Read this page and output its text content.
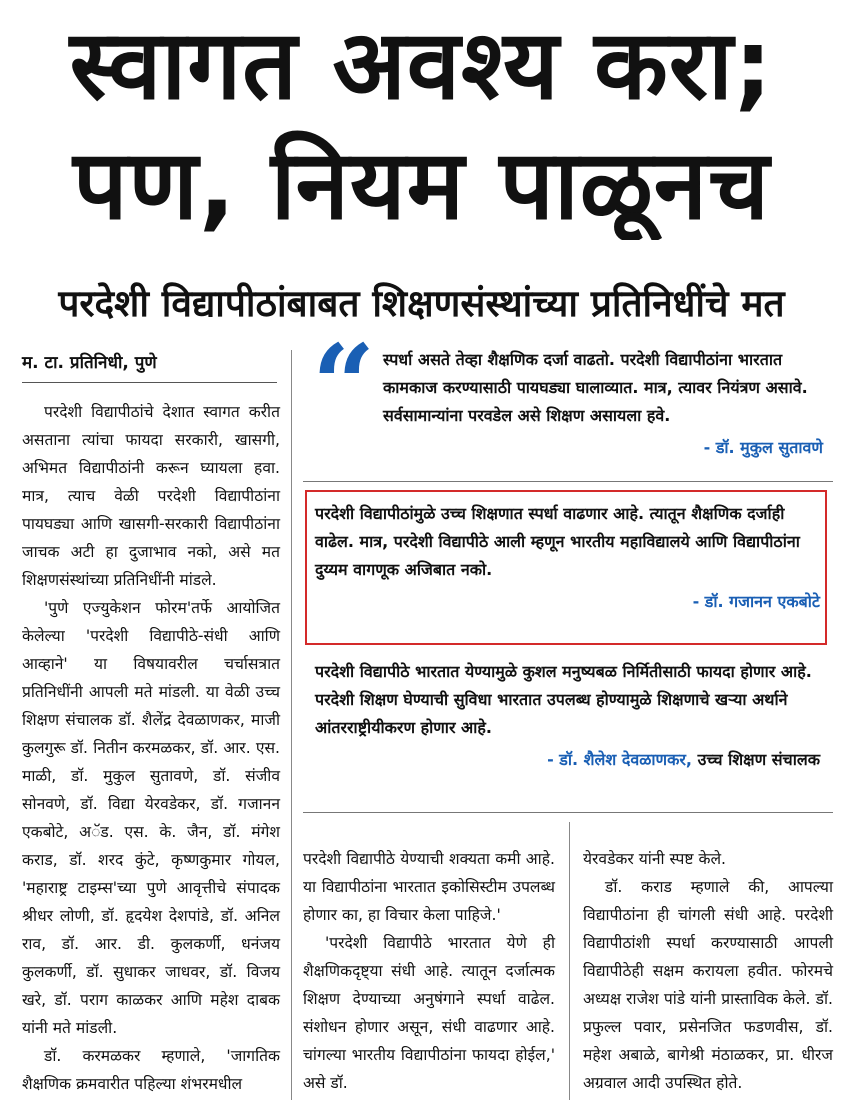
स्वागत अवश्य करा;
पण, नियम पाळूनच
परदेशी विद्यापीठांबाबत शिक्षणसंस्थांच्या प्रतिनिधींचे मत
म. टा. प्रतिनिधी, पुणे

परदेशी विद्यापीठांचे देशात स्वागत करीत असताना त्यांचा फायदा सरकारी, खासगी, अभिमत विद्यापीठांनी करून घ्यायला हवा. मात्र, त्याच वेळी परदेशी विद्यापीठांना पायघड्या आणि खासगी-सरकारी विद्यापीठांना जाचक अटी हा दुजाभाव नको, असे मत शिक्षणसंस्थांच्या प्रतिनिधींनी मांडले.

'पुणे एज्युकेशन फोरम'तर्फे आयोजित केलेल्या 'परदेशी विद्यापीठे-संधी आणि आव्हाने' या विषयावरील चर्चासत्रात प्रतिनिधींनी आपली मते मांडली. या वेळी उच्च शिक्षण संचालक डॉ. शैलेंद्र देवळाणकर, माजी कुलगुरू डॉ. नितीन करमळकर, डॉ. आर. एस. माळी, डॉ. मुकुल सुतावणे, डॉ. संजीव सोनवणे, डॉ. विद्या येरवडेकर, डॉ. गजानन एकबोटे, अॅड. एस. के. जैन, डॉ. मंगेश कराड, डॉ. शरद कुंटे, कृष्णकुमार गोयल, 'महाराष्ट्र टाइम्स'च्या पुणे आवृत्तीचे संपादक श्रीधर लोणी, डॉ. हृदयेश देशपांडे, डॉ. अनिल राव, डॉ. आर. डी. कुलकर्णी, धनंजय कुलकर्णी, डॉ. सुधाकर जाधवर, डॉ. विजय खरे, डॉ. पराग काळकर आणि महेश दाबक यांनी मते मांडली.

डॉ. करमळकर म्हणाले, 'जागतिक शैक्षणिक क्रमवारीत पहिल्या शंभरमधील

“ स्पर्धा असते तेव्हा शैक्षणिक दर्जा वाढतो. परदेशी विद्यापीठांना भारतात कामकाज करण्यासाठी पायघड्या घालाव्यात. मात्र, त्यावर नियंत्रण असावे. सर्वसामान्यांना परवडेल असे शिक्षण असायला हवे.

- डॉ. मुकुल सुतावणे

परदेशी विद्यापीठांमुळे उच्च शिक्षणात स्पर्धा वाढणार आहे. त्यातून शैक्षणिक दर्जाही वाढेल. मात्र, परदेशी विद्यापीठे आली म्हणून भारतीय महाविद्यालये आणि विद्यापीठांना दुय्यम वागणूक अजिबात नको.

- डॉ. गजानन एकबोटे

परदेशी विद्यापीठे भारतात येण्यामुळे कुशल मनुष्यबळ निर्मितीसाठी फायदा होणार आहे. परदेशी शिक्षण घेण्याची सुविधा भारतात उपलब्ध होण्यामुळे शिक्षणाचे खऱ्या अर्थाने आंतरराष्ट्रीयीकरण होणार आहे.

- डॉ. शैलेश देवळाणकर, उच्च शिक्षण संचालक

परदेशी विद्यापीठे येण्याची शक्यता कमी आहे. या विद्यापीठांना भारतात इकोसिस्टीम उपलब्ध होणार का, हा विचार केला पाहिजे.'

'परदेशी विद्यापीठे भारतात येणे ही शैक्षणिकदृष्ट्या संधी आहे. त्यातून दर्जात्मक शिक्षण देण्याच्या अनुषंगाने स्पर्धा वाढेल. संशोधन होणार असून, संधी वाढणार आहे. चांगल्या भारतीय विद्यापीठांना फायदा होईल,' असे डॉ.

येरवडेकर यांनी स्पष्ट केले.

डॉ. कराड म्हणाले की, आपल्या विद्यापीठांना ही चांगली संधी आहे. परदेशी विद्यापीठांशी स्पर्धा करण्यासाठी आपली विद्यापीठेही सक्षम करायला हवीत. फोरमचे अध्यक्ष राजेश पांडे यांनी प्रास्ताविक केले. डॉ. प्रफुल्ल पवार, प्रसेनजित फडणवीस, डॉ. महेश अबाळे, बागेश्री मंठाळकर, प्रा. धीरज अग्रवाल आदी उपस्थित होते.
